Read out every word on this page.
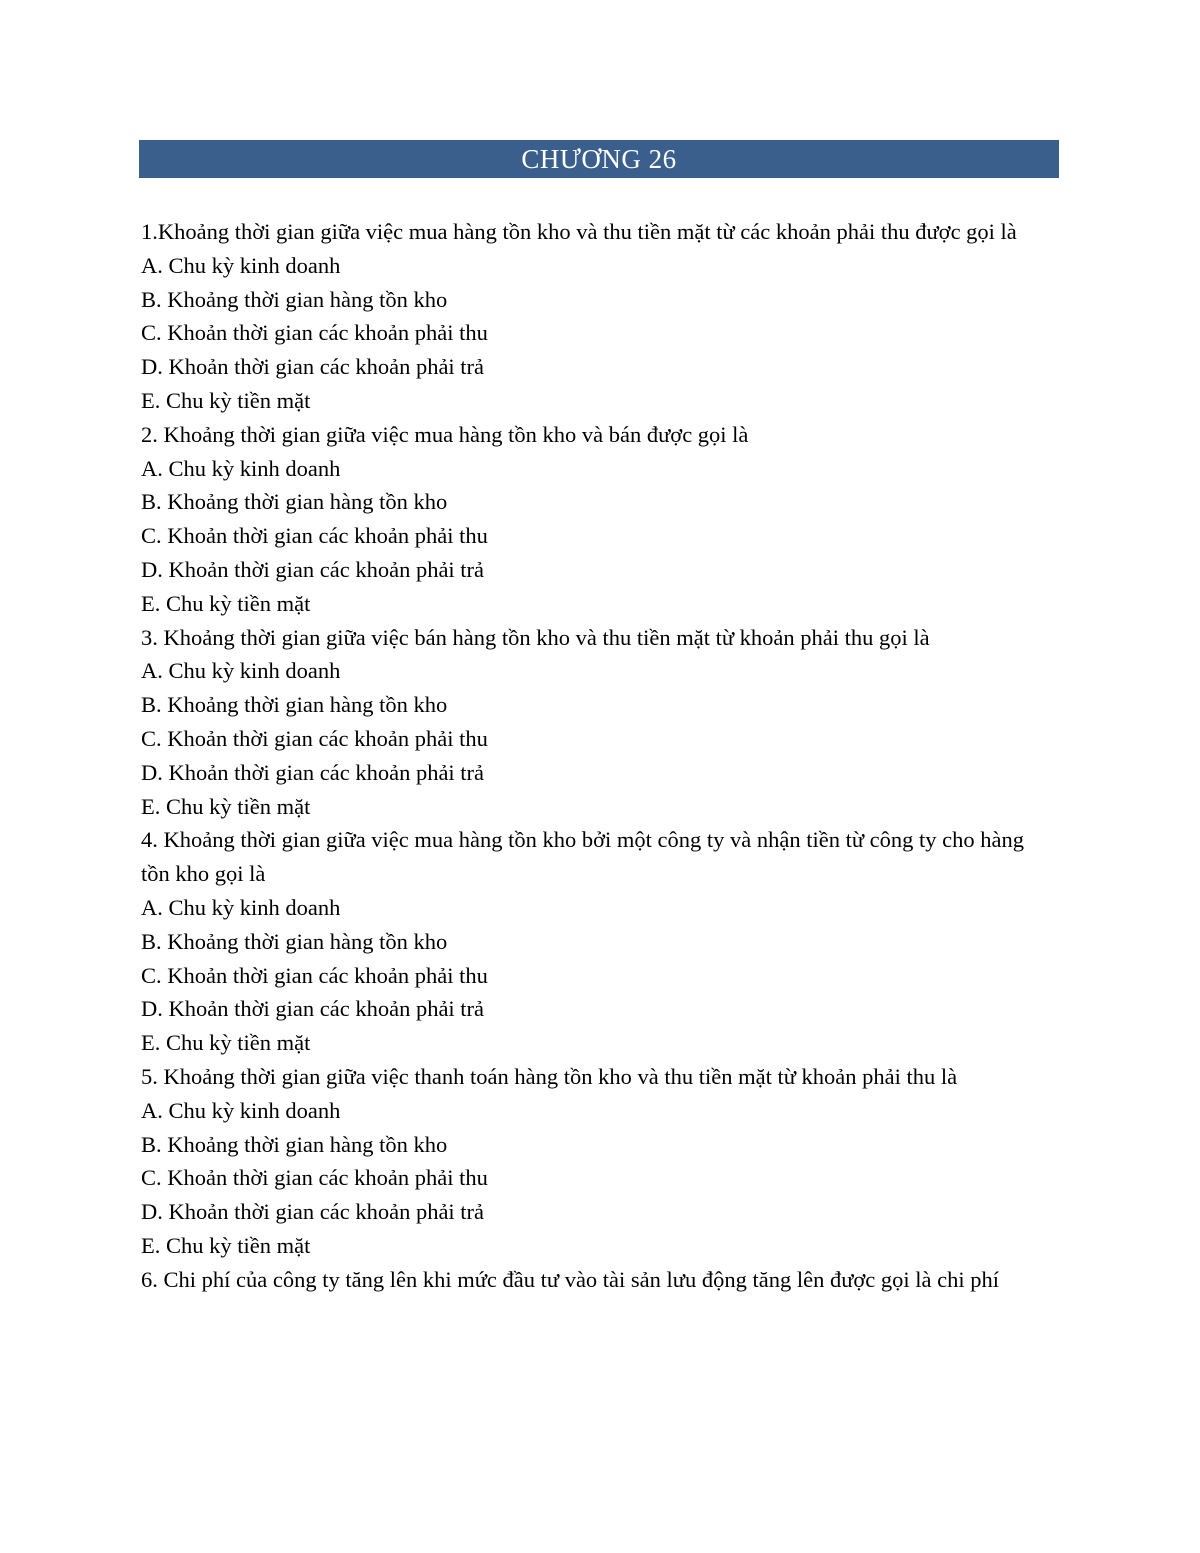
CHƯƠNG 26

1.Khoảng thời gian giữa việc mua hàng tồn kho và thu tiền mặt từ các khoản phải thu được gọi là

A. Chu kỳ kinh doanh

B. Khoảng thời gian hàng tồn kho

C. Khoản thời gian các khoản phải thu

D. Khoản thời gian các khoản phải trả

E. Chu kỳ tiền mặt

2. Khoảng thời gian giữa việc mua hàng tồn kho và bán được gọi là

A. Chu kỳ kinh doanh

B. Khoảng thời gian hàng tồn kho

C. Khoản thời gian các khoản phải thu

D. Khoản thời gian các khoản phải trả

E. Chu kỳ tiền mặt

3. Khoảng thời gian giữa việc bán hàng tồn kho và thu tiền mặt từ khoản phải thu gọi là

A. Chu kỳ kinh doanh

B. Khoảng thời gian hàng tồn kho

C. Khoản thời gian các khoản phải thu

D. Khoản thời gian các khoản phải trả

E. Chu kỳ tiền mặt

4. Khoảng thời gian giữa việc mua hàng tồn kho bởi một công ty và nhận tiền từ công ty cho hàng tồn kho gọi là

A. Chu kỳ kinh doanh

B. Khoảng thời gian hàng tồn kho

C. Khoản thời gian các khoản phải thu

D. Khoản thời gian các khoản phải trả

E. Chu kỳ tiền mặt

5. Khoảng thời gian giữa việc thanh toán hàng tồn kho và thu tiền mặt từ khoản phải thu là

A. Chu kỳ kinh doanh

B. Khoảng thời gian hàng tồn kho

C. Khoản thời gian các khoản phải thu

D. Khoản thời gian các khoản phải trả

E. Chu kỳ tiền mặt

6. Chi phí của công ty tăng lên khi mức đầu tư vào tài sản lưu động tăng lên được gọi là chi phí
